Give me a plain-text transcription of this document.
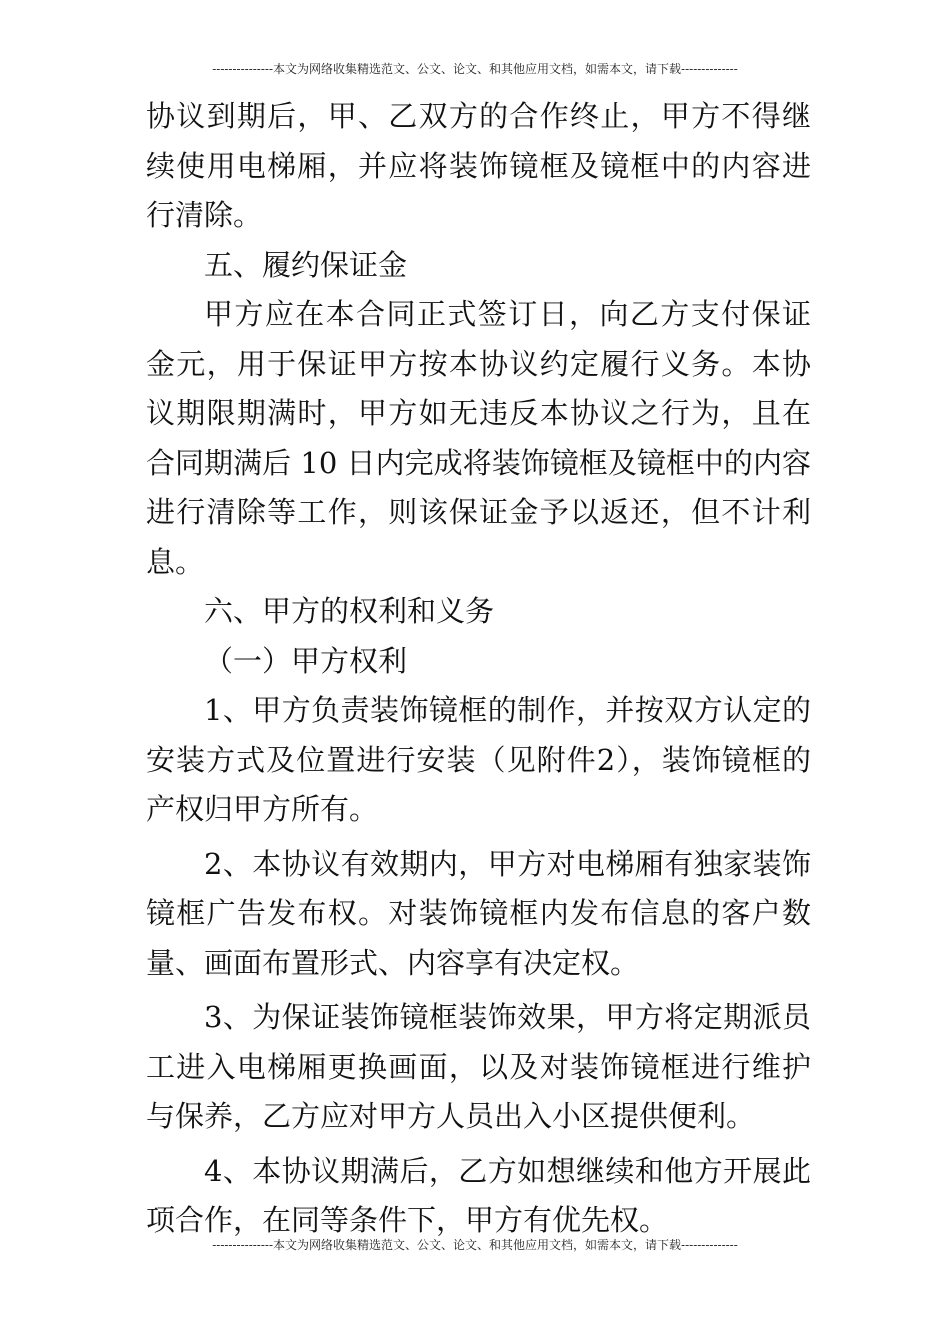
---------------本文为网络收集精选范文、公文、论文、和其他应用文档，如需本文，请下载--------------

协议到期后，甲、乙双方的合作终止，甲方不得继续使用电梯厢，并应将装饰镜框及镜框中的内容进行清除。

五、履约保证金

甲方应在本合同正式签订日，向乙方支付保证金元，用于保证甲方按本协议约定履行义务。本协议期限期满时，甲方如无违反本协议之行为，且在合同期满后 10 日内完成将装饰镜框及镜框中的内容进行清除等工作，则该保证金予以返还，但不计利息。

六、甲方的权利和义务

（一）甲方权利

1、甲方负责装饰镜框的制作，并按双方认定的安装方式及位置进行安装（见附件2），装饰镜框的产权归甲方所有。

2、本协议有效期内，甲方对电梯厢有独家装饰镜框广告发布权。对装饰镜框内发布信息的客户数量、画面布置形式、内容享有决定权。

3、为保证装饰镜框装饰效果，甲方将定期派员工进入电梯厢更换画面，以及对装饰镜框进行维护与保养，乙方应对甲方人员出入小区提供便利。

4、本协议期满后，乙方如想继续和他方开展此项合作，在同等条件下，甲方有优先权。

---------------本文为网络收集精选范文、公文、论文、和其他应用文档，如需本文，请下载--------------
